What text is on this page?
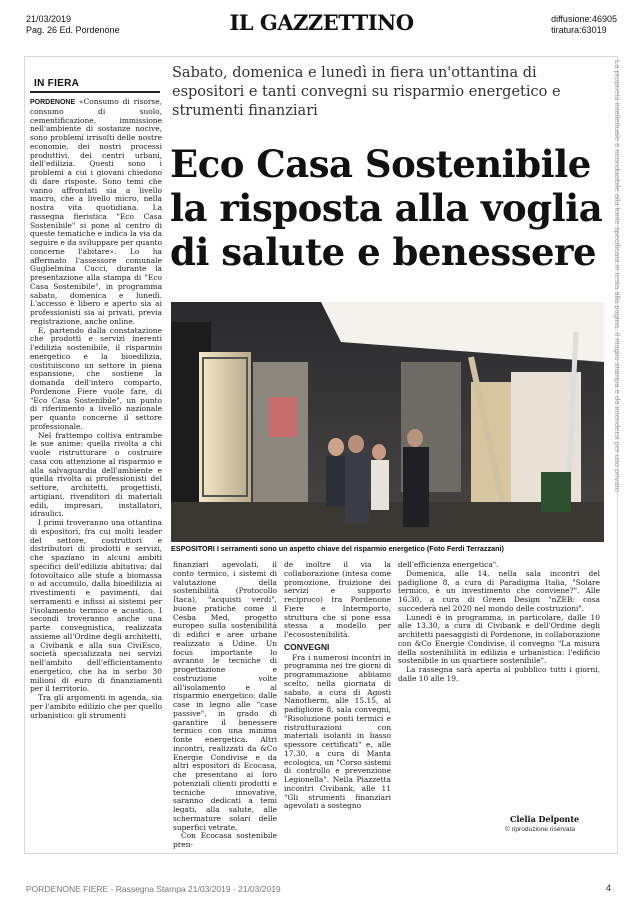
21/03/2019
Pag. 26 Ed. Pordenone	IL GAZZETTINO	diffusione:46905
tiratura:63019
La proprietà intellettuale è riconducibile alla fonte specificata in testa alla pagina. Il ritaglio stampa è da intendersi per uso privato
IN FIERA
Sabato, domenica e lunedì in fiera un'ottantina di espositori e tanti convegni su risparmio energetico e strumenti finanziari
Eco Casa Sostenibile
la risposta alla voglia
di salute e benessere

PORDENONE «Consumo di risorse, consumo di suolo, cementificazione, immissione nell'ambiente di sostanze nocive, sono problemi irrisolti delle nostre economie, dei nostri processi produttivi, dei centri urbani, dell'edilizia. Questi sono i problemi a cui i giovani chiedono di dare risposte. Sono temi che vanno affrontati sia a livello macro, che a livello micro, nella nostra vita quotidiana. La rassegna fieristica "Eco Casa Sostenibile" si pone al centro di queste tematiche e indica la via da seguire e da sviluppare per quanto concerne l'abitare». Lo ha affermato l'assessore comunale Guglielmina Cucci, durante la presentazione alla stampa di "Eco Casa Sostenibile", in programma sabato, domenica e lunedì. L'accesso è libero e aperto sia ai professionisti sia ai privati, previa registrazione, anche online.

E, partendo dalla constatazione che prodotti e servizi inerenti l'edilizia sostenibile, il risparmio energetico e la bioedilizia, costituiscono un settore in piena espansione, che sostiene la domanda dell'intero comparto, Pordenone Fiere vuole fare, di "Eco Casa Sostenibile", un punto di riferimento a livello nazionale per quanto concerne il settore professionale.

Nel frattempo coltiva entrambe le sue anime: quella rivolta a chi vuole ristrutturare o costruire casa con attenzione al risparmio e alla salvaguardia dell'ambiente e quella rivolta ai professionisti del settore, architetti, progettisti, artigiani, rivenditori di materiali edili, impresari, installatori, idraulici.

I primi troveranno una ottantina di espositori, fra cui molti leader del settore, costruttori e distributori di prodotti e servizi, che spaziano in alcuni ambiti specifici dell'edilizia abitativa: dal fotovoltaico alle stufe a biomassa o ad accumulo, dalla bioedilizia ai rivestimenti e pavimenti, dai serramenti e infissi ai sistemi per l'isolamento termico e acustico. I secondi troveranno anche una parte convegnistica, realizzata assieme all'Ordine degli architetti, a Civibank e alla sua CiviEsco, società specializzata nei servizi nell'ambito dell'efficientamento energetico, che ha in serbo 30 milioni di euro di finanziamenti per il territorio.

Tra gli argomenti in agenda, sia per l'ambito edilizio che per quello urbanistico: gli strumenti

ESPOSITORI I serramenti sono un aspetto chiave del risparmio energetico (Foto Ferdi Terrazzani)

finanziari agevolati, il conto termico, i sistemi di valutazione della sostenibilità (Protocollo Itaca), "acquisti verdi", buone pratiche come il Cesba Med, progetto europeo sulla sostenibilità di edifici e aree urbane realizzato a Udine. Un focus importante lo avranno le tecniche di progettazione e costruzione volte all'isolamento e al risparmio energetico: dalle case in legno alle "case passive", in grado di garantire il benessere termico con una minima fonte energetica. Altri incontri, realizzati da &Co Energie Condivise e da altri espositori di Ecocasa, che presentano ai loro potenziali clienti prodotti e tecniche innovative, saranno dedicati a temi legati, alla salute, alle schermature solari delle superfici vetrate.

Con Ecocasa sostenibile pren-

de inoltre il via la collaborazione (intesa come promozione, fruizione dei servizi e supporto reciproco) tra Pordenone Fiere e Intermporto, struttura che si pone essa stessa a modello per l'ecosostenibilità.

CONVEGNI

Fra i numerosi incontri in programma nei tre giorni di programmazione abbiamo scelto, nella giornata di sabato, a cura di Agosti Nanotherm, alle 15.15, al padiglione 8, sala convegni, "Risoluzione ponti termici e ristrutturazioni con materiali isolanti in basso spessore certificati" e, alle 17.30, a cura di Manta ecologica, un "Corso sistemi di controllo e prevenzione Legionella". Nella Piazzetta incontri Civibank, alle 11 "Gli strumenti finanziari agevolati a sostegno

dell'efficienza energetica".

Domenica, alle 14, nella sala incontri del padiglione 8, a cura di Paradigma Italia, "Solare termico, è un investimento che conviene?". Alle 16.30, a cura di Green Design "nZEB: cosa succederà nel 2020 nel mondo delle costruzioni".

Lunedì è in programma, in particolare, dalle 10 alle 13.30, a cura di Civibank e dell'Ordine degli architetti paesaggisti di Pordenone, in collaborazione con &Co Energie Condivise, il convegno "La misura della sostenibilità in edilizia e urbanistica: l'edificio sostenibile in un quartiere sostenibile".

La rassegna sarà aperta al pubblico tutti i giorni, dalle 10 alle 19.

Clelia Delponte
© riproduzione riservata
PORDENONE FIERE - Rassegna Stampa 21/03/2019 - 21/03/2019	4
